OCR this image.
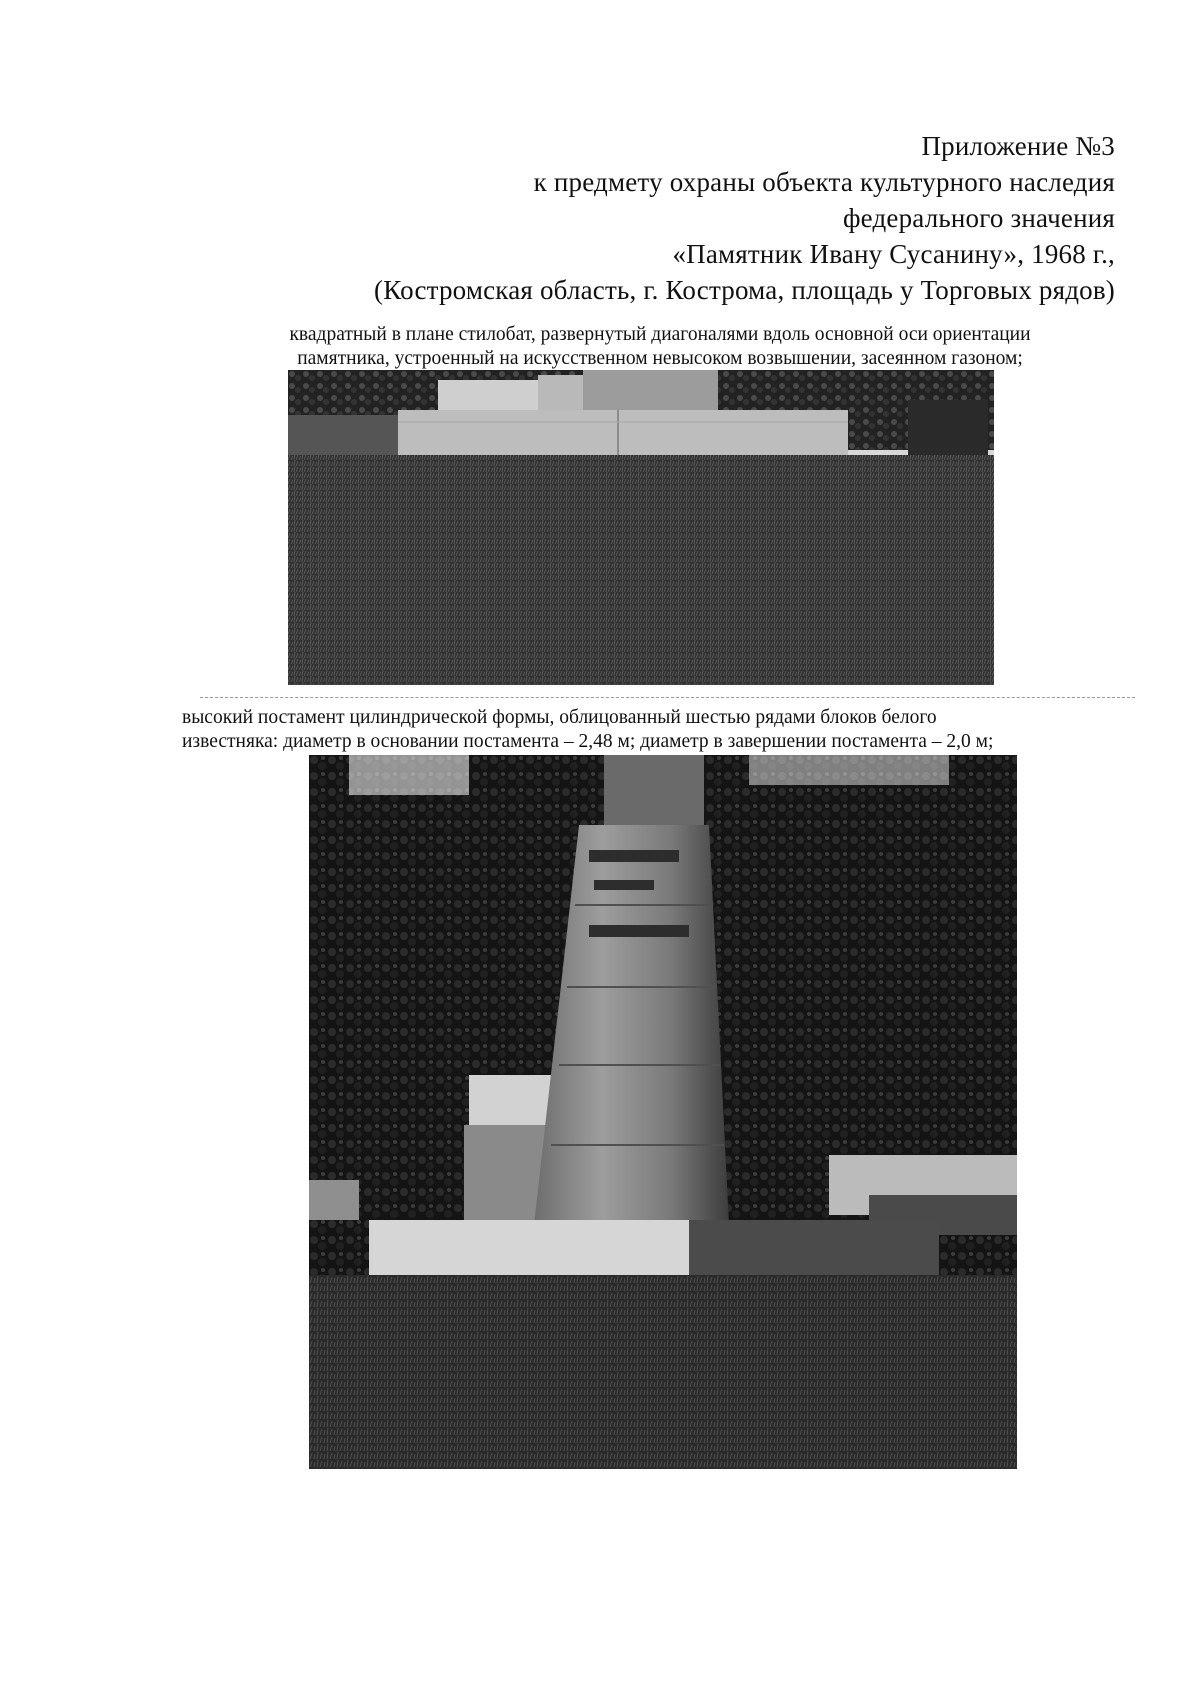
Приложение №3
к предмету охраны объекта культурного наследия
федерального значения
«Памятник Ивану Сусанину», 1968 г.,
(Костромская область, г. Кострома, площадь у Торговых рядов)
квадратный в плане стилобат, развернутый диагоналями вдоль основной оси ориентации
памятника, устроенный на искусственном невысоком возвышении, засеянном газоном;
высокий постамент цилиндрической формы, облицованный шестью рядами блоков белого
известняка: диаметр в основании постамента – 2,48 м; диаметр в завершении постамента – 2,0 м;
